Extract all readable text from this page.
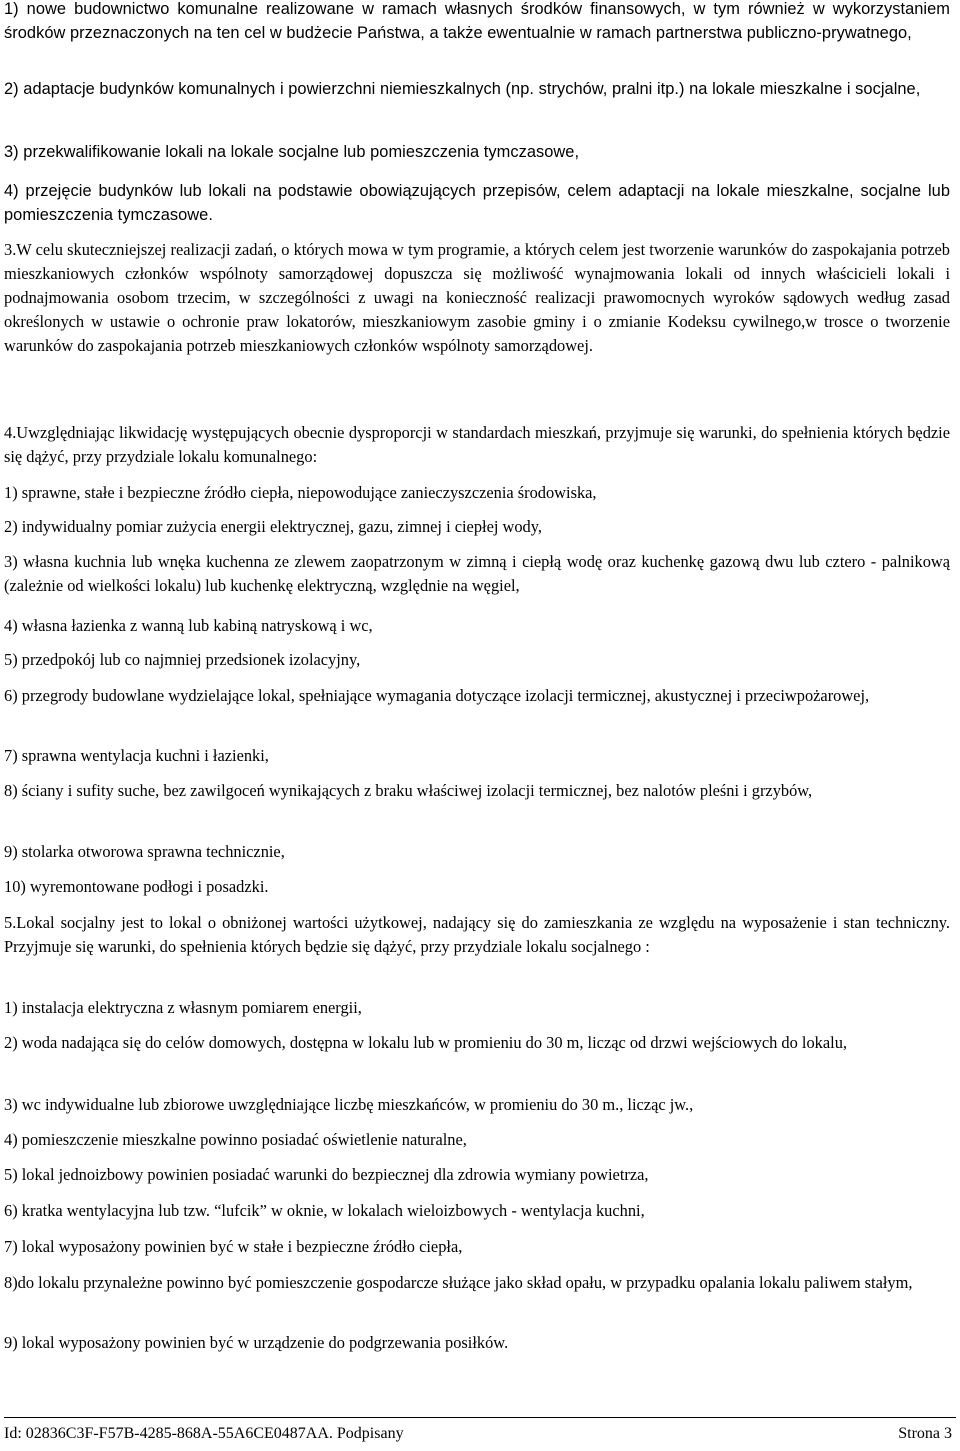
1) nowe budownictwo komunalne realizowane w ramach własnych środków finansowych, w tym również w wykorzystaniem środków przeznaczonych na ten cel w budżecie Państwa, a także ewentualnie w ramach partnerstwa publiczno-prywatnego,

2) adaptacje budynków komunalnych i powierzchni niemieszkalnych (np. strychów, pralni itp.) na lokale mieszkalne i socjalne,

3) przekwalifikowanie lokali na lokale socjalne lub pomieszczenia tymczasowe,

4) przejęcie budynków lub lokali na podstawie obowiązujących przepisów, celem adaptacji na lokale mieszkalne, socjalne lub pomieszczenia tymczasowe.

3.W celu skuteczniejszej realizacji zadań, o których mowa w tym programie, a których celem jest tworzenie warunków do zaspokajania potrzeb mieszkaniowych członków wspólnoty samorządowej dopuszcza się możliwość wynajmowania lokali od innych właścicieli lokali i podnajmowania osobom trzecim, w szczególności z uwagi na konieczność realizacji prawomocnych wyroków sądowych według zasad określonych w ustawie o ochronie praw lokatorów, mieszkaniowym zasobie gminy i o zmianie Kodeksu cywilnego,w trosce o tworzenie warunków do zaspokajania potrzeb mieszkaniowych członków wspólnoty samorządowej.

4.Uwzględniając likwidację występujących obecnie dysproporcji w standardach mieszkań, przyjmuje się warunki, do spełnienia których będzie się dążyć, przy przydziale lokalu komunalnego:

1) sprawne, stałe i bezpieczne źródło ciepła, niepowodujące zanieczyszczenia środowiska,

2) indywidualny pomiar zużycia energii elektrycznej, gazu, zimnej i ciepłej wody,

3) własna kuchnia lub wnęka kuchenna ze zlewem zaopatrzonym w zimną i ciepłą wodę oraz kuchenkę gazową dwu lub cztero - palnikową (zależnie od wielkości lokalu) lub kuchenkę elektryczną, względnie na węgiel,

4) własna łazienka z wanną lub kabiną natryskową i wc,

5) przedpokój lub co najmniej przedsionek izolacyjny,

6) przegrody budowlane wydzielające lokal, spełniające wymagania dotyczące izolacji termicznej, akustycznej i przeciwpożarowej,

7) sprawna wentylacja kuchni i łazienki,

8) ściany i sufity suche, bez zawilgoceń wynikających z braku właściwej izolacji termicznej, bez nalotów pleśni i grzybów,

9) stolarka otworowa sprawna technicznie,

10) wyremontowane podłogi i posadzki.

5.Lokal socjalny jest to lokal o obniżonej wartości użytkowej, nadający się do zamieszkania ze względu na wyposażenie i stan techniczny. Przyjmuje się warunki, do spełnienia których będzie się dążyć, przy przydziale lokalu socjalnego :

1) instalacja elektryczna z własnym pomiarem energii,

2) woda nadająca się do celów domowych, dostępna w lokalu lub w promieniu do 30 m, licząc od drzwi wejściowych do lokalu,

3) wc indywidualne lub zbiorowe uwzględniające liczbę mieszkańców, w promieniu do 30 m., licząc jw.,

4) pomieszczenie mieszkalne powinno posiadać oświetlenie naturalne,

5) lokal jednoizbowy powinien posiadać warunki do bezpiecznej dla zdrowia wymiany powietrza,

6) kratka wentylacyjna lub tzw. “lufcik” w oknie, w lokalach wieloizbowych - wentylacja kuchni,

7) lokal wyposażony powinien być w stałe i bezpieczne źródło ciepła,

8)do lokalu przynależne powinno być pomieszczenie gospodarcze służące jako skład opału, w przypadku opalania lokalu paliwem stałym,

9) lokal wyposażony powinien być w urządzenie do podgrzewania posiłków.

Id: 02836C3F-F57B-4285-868A-55A6CE0487AA. Podpisany	Strona 3
